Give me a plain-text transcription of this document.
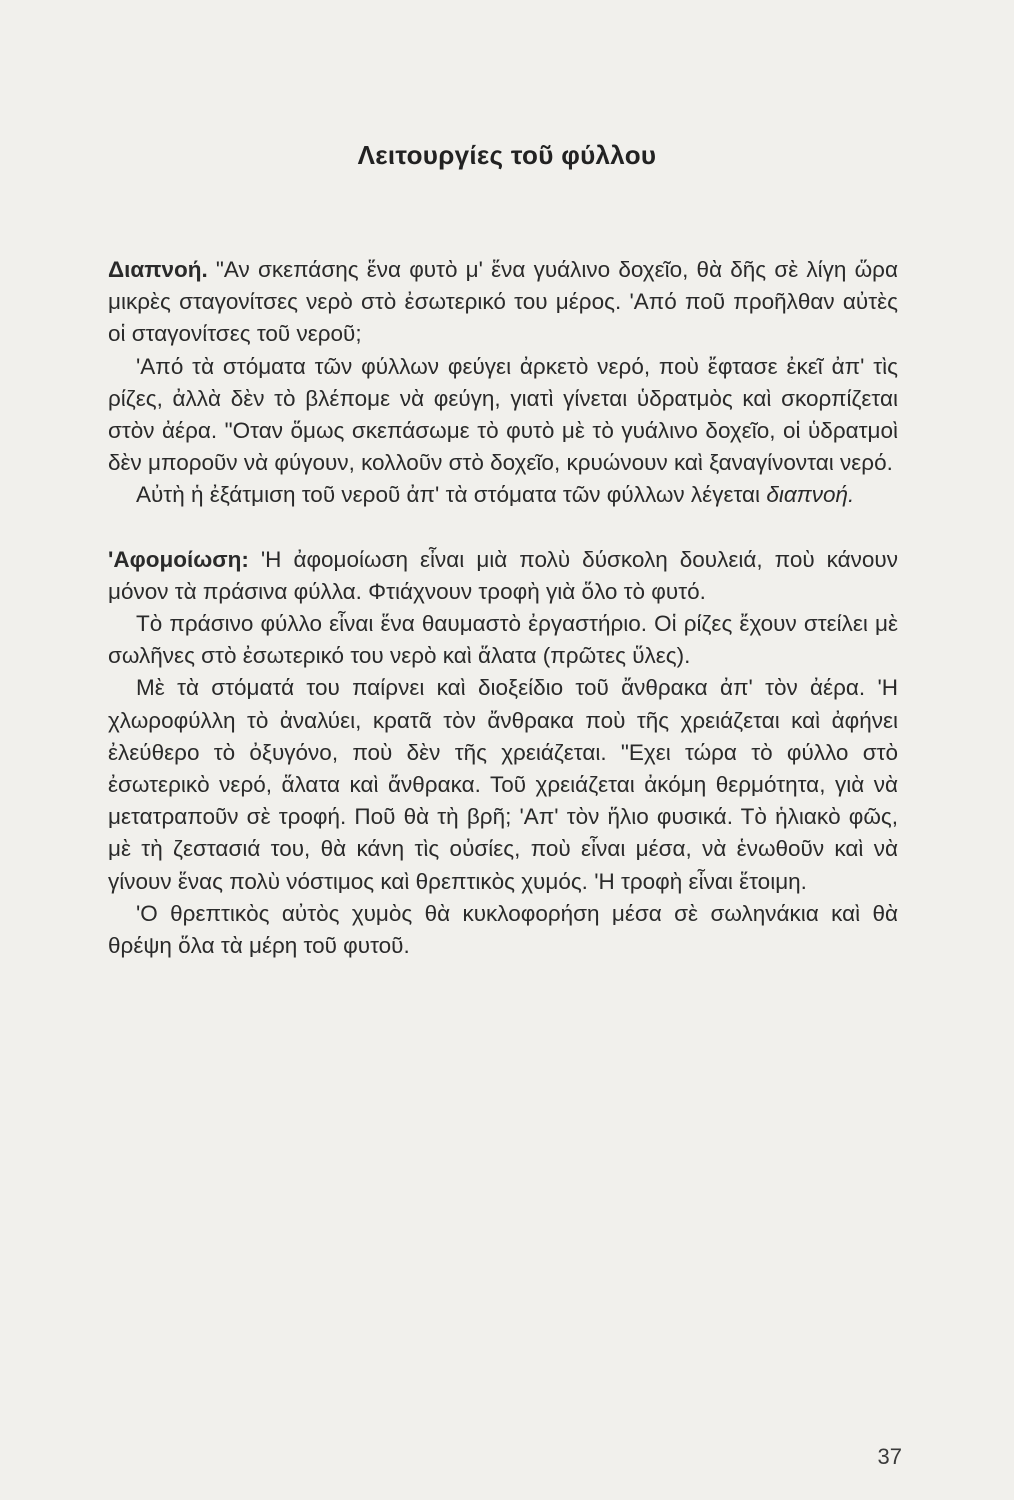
Λειτουργίες τοῦ φύλλου

Διαπνοή. "Αν σκεπάσης ἕνα φυτὸ μ' ἕνα γυάλινο δοχεῖο, θὰ δῆς σὲ λίγη ὥρα μικρὲς σταγονίτσες νερὸ στὸ ἐσωτερικό του μέρος. 'Από ποῦ προῆλθαν αὐτὲς οἱ σταγονίτσες τοῦ νεροῦ;

'Από τὰ στόματα τῶν φύλλων φεύγει ἀρκετὸ νερό, ποὺ ἔφτασε ἐκεῖ ἀπ' τὶς ρίζες, ἀλλὰ δὲν τὸ βλέπομε νὰ φεύγη, γιατὶ γίνεται ὑδρατμὸς καὶ σκορπίζεται στὸν ἀέρα. "Οταν ὅμως σκεπάσωμε τὸ φυτὸ μὲ τὸ γυάλινο δοχεῖο, οἱ ὑδρατμοὶ δὲν μποροῦν νὰ φύγουν, κολλοῦν στὸ δοχεῖο, κρυώνουν καὶ ξαναγίνονται νερό.

Αὐτὴ ἡ ἐξάτμιση τοῦ νεροῦ ἀπ' τὰ στόματα τῶν φύλλων λέγεται διαπνοή.

'Αφομοίωση: 'Η ἀφομοίωση εἶναι μιὰ πολὺ δύσκολη δουλειά, ποὺ κάνουν μόνον τὰ πράσινα φύλλα. Φτιάχνουν τροφὴ γιὰ ὅλο τὸ φυτό.

Τὸ πράσινο φύλλο εἶναι ἕνα θαυμαστὸ ἐργαστήριο. Οἱ ρίζες ἔχουν στείλει μὲ σωλῆνες στὸ ἐσωτερικό του νερὸ καὶ ἅλατα (πρῶτες ὕλες).

Μὲ τὰ στόματά του παίρνει καὶ διοξείδιο τοῦ ἄνθρακα ἀπ' τὸν ἀέρα. 'Η χλωροφύλλη τὸ ἀναλύει, κρατᾶ τὸν ἄνθρακα ποὺ τῆς χρειάζεται καὶ ἀφήνει ἐλεύθερο τὸ ὀξυγόνο, ποὺ δὲν τῆς χρειάζεται. "Εχει τώρα τὸ φύλλο στὸ ἐσωτερικὸ νερό, ἅλατα καὶ ἄνθρακα. Τοῦ χρειάζεται ἀκόμη θερμότητα, γιὰ νὰ μετατραποῦν σὲ τροφή. Ποῦ θὰ τὴ βρῆ; 'Απ' τὸν ἥλιο φυσικά. Τὸ ἡλιακὸ φῶς, μὲ τὴ ζεστασιά του, θὰ κάνη τὶς οὐσίες, ποὺ εἶναι μέσα, νὰ ἑνωθοῦν καὶ νὰ γίνουν ἕνας πολὺ νόστιμος καὶ θρεπτικὸς χυμός. 'Η τροφὴ εἶναι ἕτοιμη.

'Ο θρεπτικὸς αὐτὸς χυμὸς θὰ κυκλοφορήση μέσα σὲ σωληνάκια καὶ θὰ θρέψη ὅλα τὰ μέρη τοῦ φυτοῦ.

37
